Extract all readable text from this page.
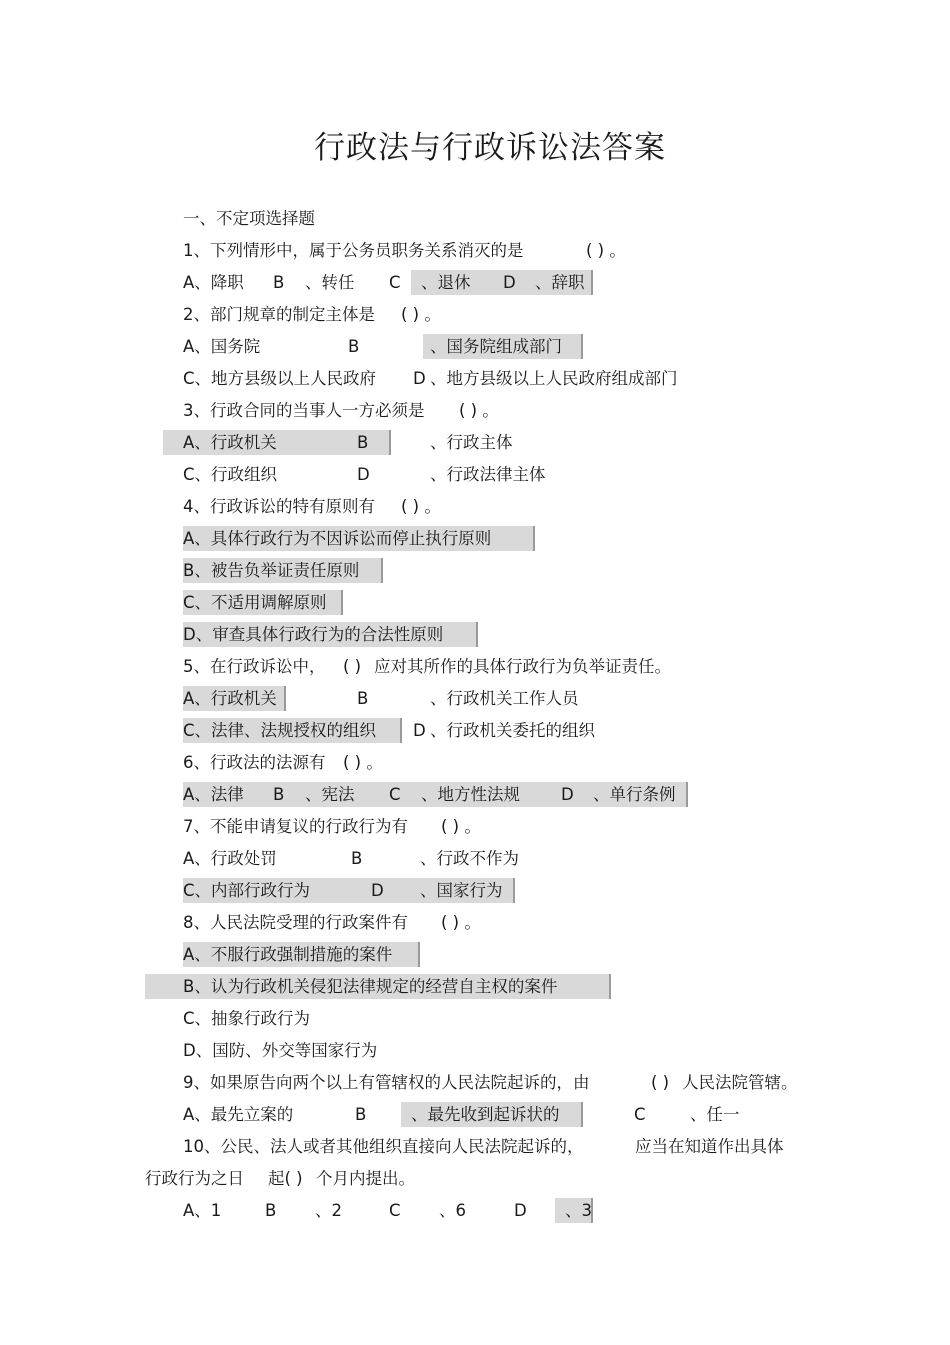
行政法与行政诉讼法答案
一、不定项选择题
1、下列情形中，属于公务员职务关系消灭的是	( ) 。
A、降职 B 、转任 C 、退休 D 、辞职
2、部门规章的制定主体是 ( ) 。
A、国务院	B	、国务院组成部门
C、地方县级以上人民政府 D 、地方县级以上人民政府组成部门
3、行政合同的当事人一方必须是 ( ) 。
A、行政机关	B	、行政主体
C、行政组织	D	、行政法律主体
4、行政诉讼的特有原则有 ( ) 。
A、具体行政行为不因诉讼而停止执行原则
B、被告负举证责任原则
C、不适用调解原则
D、审查具体行政行为的合法性原则
5、在行政诉讼中， ( ) 应对其所作的具体行政行为负举证责任。
A、行政机关	B	、行政机关工作人员
C、法律、法规授权的组织 D 、行政机关委托的组织
6、行政法的法源有 ( ) 。
A、法律 B 、宪法 C 、地方性法规 D 、单行条例
7、不能申请复议的行政行为有 ( ) 。
A、行政处罚	B	、行政不作为
C、内部行政行为	D 、国家行为
8、人民法院受理的行政案件有 ( ) 。
A、不服行政强制措施的案件
B、认为行政机关侵犯法律规定的经营自主权的案件
C、抽象行政行为
D、国防、外交等国家行为
9、如果原告向两个以上有管辖权的人民法院起诉的，由	( ) 人民法院管辖。
A、最先立案的	B	、最先收到起诉状的	C	、任一
10、公民、法人或者其他组织直接向人民法院起诉的，	应当在知道作出具体
行政行为之日 起( ) 个月内提出。
A、1	B 、2	C 、6	D 、3
